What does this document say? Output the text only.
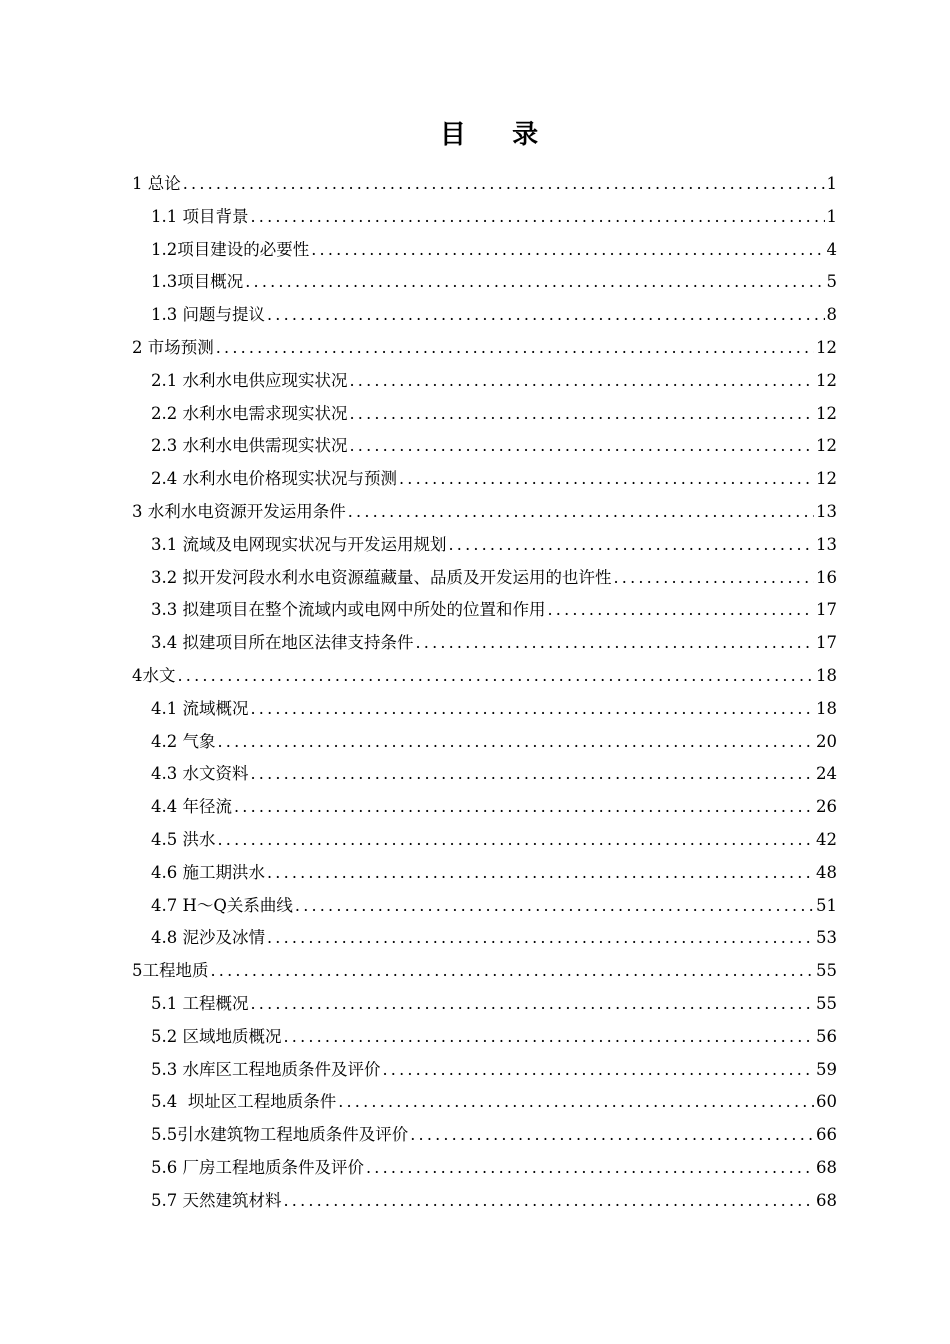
目    录
1 总论 .....	1
1.1 项目背景 .....	1
1.2项目建设的必要性 .....	4
1.3项目概况 .....	5
1.3 问题与提议 .....	8
2 市场预测 .....	12
2.1 水利水电供应现实状况 .....	12
2.2 水利水电需求现实状况 .....	12
2.3 水利水电供需现实状况 .....	12
2.4 水利水电价格现实状况与预测 .....	12
3 水利水电资源开发运用条件 .....	13
3.1 流域及电网现实状况与开发运用规划 .....	13
3.2 拟开发河段水利水电资源蕴藏量、品质及开发运用的也许性 .....	16
3.3 拟建项目在整个流域内或电网中所处的位置和作用 .....	17
3.4 拟建项目所在地区法律支持条件 .....	17
4水文 .....	18
4.1 流域概况 .....	18
4.2 气象 .....	20
4.3 水文资料 .....	24
4.4 年径流 .....	26
4.5 洪水 .....	42
4.6 施工期洪水 .....	48
4.7 H～Q关系曲线 .....	51
4.8 泥沙及冰情 .....	53
5工程地质 .....	55
5.1 工程概况 .....	55
5.2 区域地质概况 .....	56
5.3 水库区工程地质条件及评价 .....	59
5.4  坝址区工程地质条件 .....	60
5.5引水建筑物工程地质条件及评价 .....	66
5.6 厂房工程地质条件及评价 .....	68
5.7 天然建筑材料 .....	68
